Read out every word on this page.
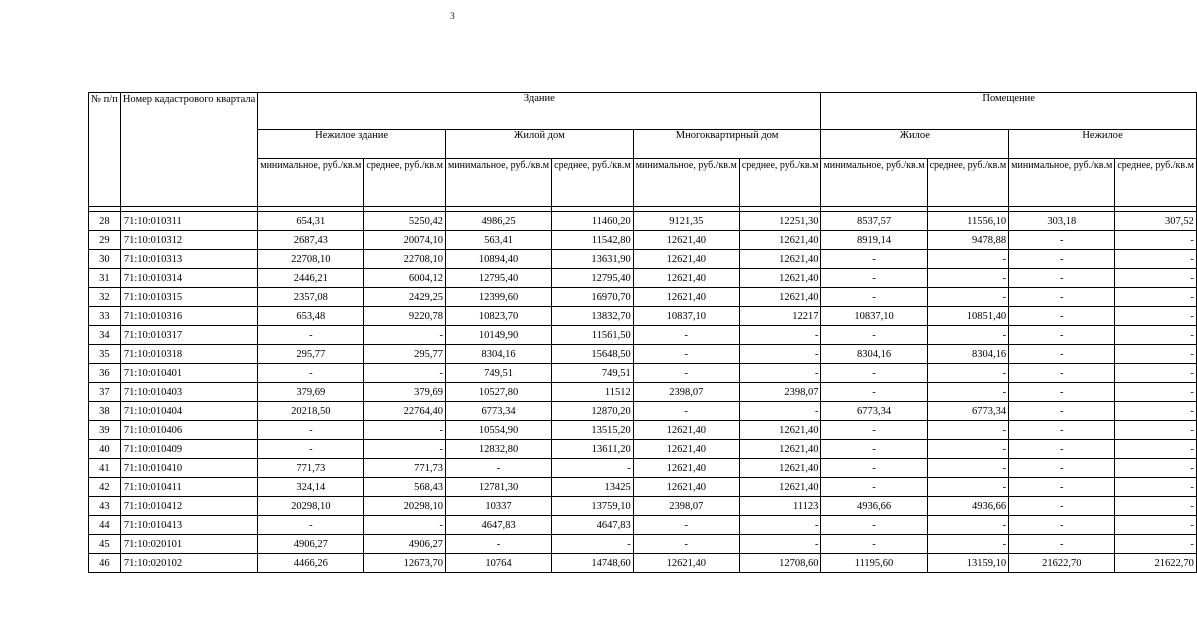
3
№ п/п	Номер кадастрового квартала	Здание						Помещение			
		Нежилое здание		Жилой дом		Многоквартирный дом		Жилое		Нежилое	
		минимальное, руб./кв.м	среднее, руб./кв.м	минимальное, руб./кв.м	среднее, руб./кв.м	минимальное, руб./кв.м	среднее, руб./кв.м	минимальное, руб./кв.м	среднее, руб./кв.м	минимальное, руб./кв.м	среднее, руб./кв.м

28	71:10:010311	654,31	5250,42	4986,25	11460,20	9121,35	12251,30	8537,57	11556,10	303,18	307,52
29	71:10:010312	2687,43	20074,10	563,41	11542,80	12621,40	12621,40	8919,14	9478,88	-	-
30	71:10:010313	22708,10	22708,10	10894,40	13631,90	12621,40	12621,40	-	-	-	-
31	71:10:010314	2446,21	6004,12	12795,40	12795,40	12621,40	12621,40	-	-	-	-
32	71:10:010315	2357,08	2429,25	12399,60	16970,70	12621,40	12621,40	-	-	-	-
33	71:10:010316	653,48	9220,78	10823,70	13832,70	10837,10	12217	10837,10	10851,40	-	-
34	71:10:010317	-	-	10149,90	11561,50	-	-	-	-	-	-
35	71:10:010318	295,77	295,77	8304,16	15648,50	-	-	8304,16	8304,16	-	-
36	71:10:010401	-	-	749,51	749,51	-	-	-	-	-	-
37	71:10:010403	379,69	379,69	10527,80	11512	2398,07	2398,07	-	-	-	-
38	71:10:010404	20218,50	22764,40	6773,34	12870,20	-	-	6773,34	6773,34	-	-
39	71:10:010406	-	-	10554,90	13515,20	12621,40	12621,40	-	-	-	-
40	71:10:010409	-	-	12832,80	13611,20	12621,40	12621,40	-	-	-	-
41	71:10:010410	771,73	771,73	-	-	12621,40	12621,40	-	-	-	-
42	71:10:010411	324,14	568,43	12781,30	13425	12621,40	12621,40	-	-	-	-
43	71:10:010412	20298,10	20298,10	10337	13759,10	2398,07	11123	4936,66	4936,66	-	-
44	71:10:010413	-	-	4647,83	4647,83	-	-	-	-	-	-
45	71:10:020101	4906,27	4906,27	-	-	-	-	-	-	-	-
46	71:10:020102	4466,26	12673,70	10764	14748,60	12621,40	12708,60	11195,60	13159,10	21622,70	21622,70
